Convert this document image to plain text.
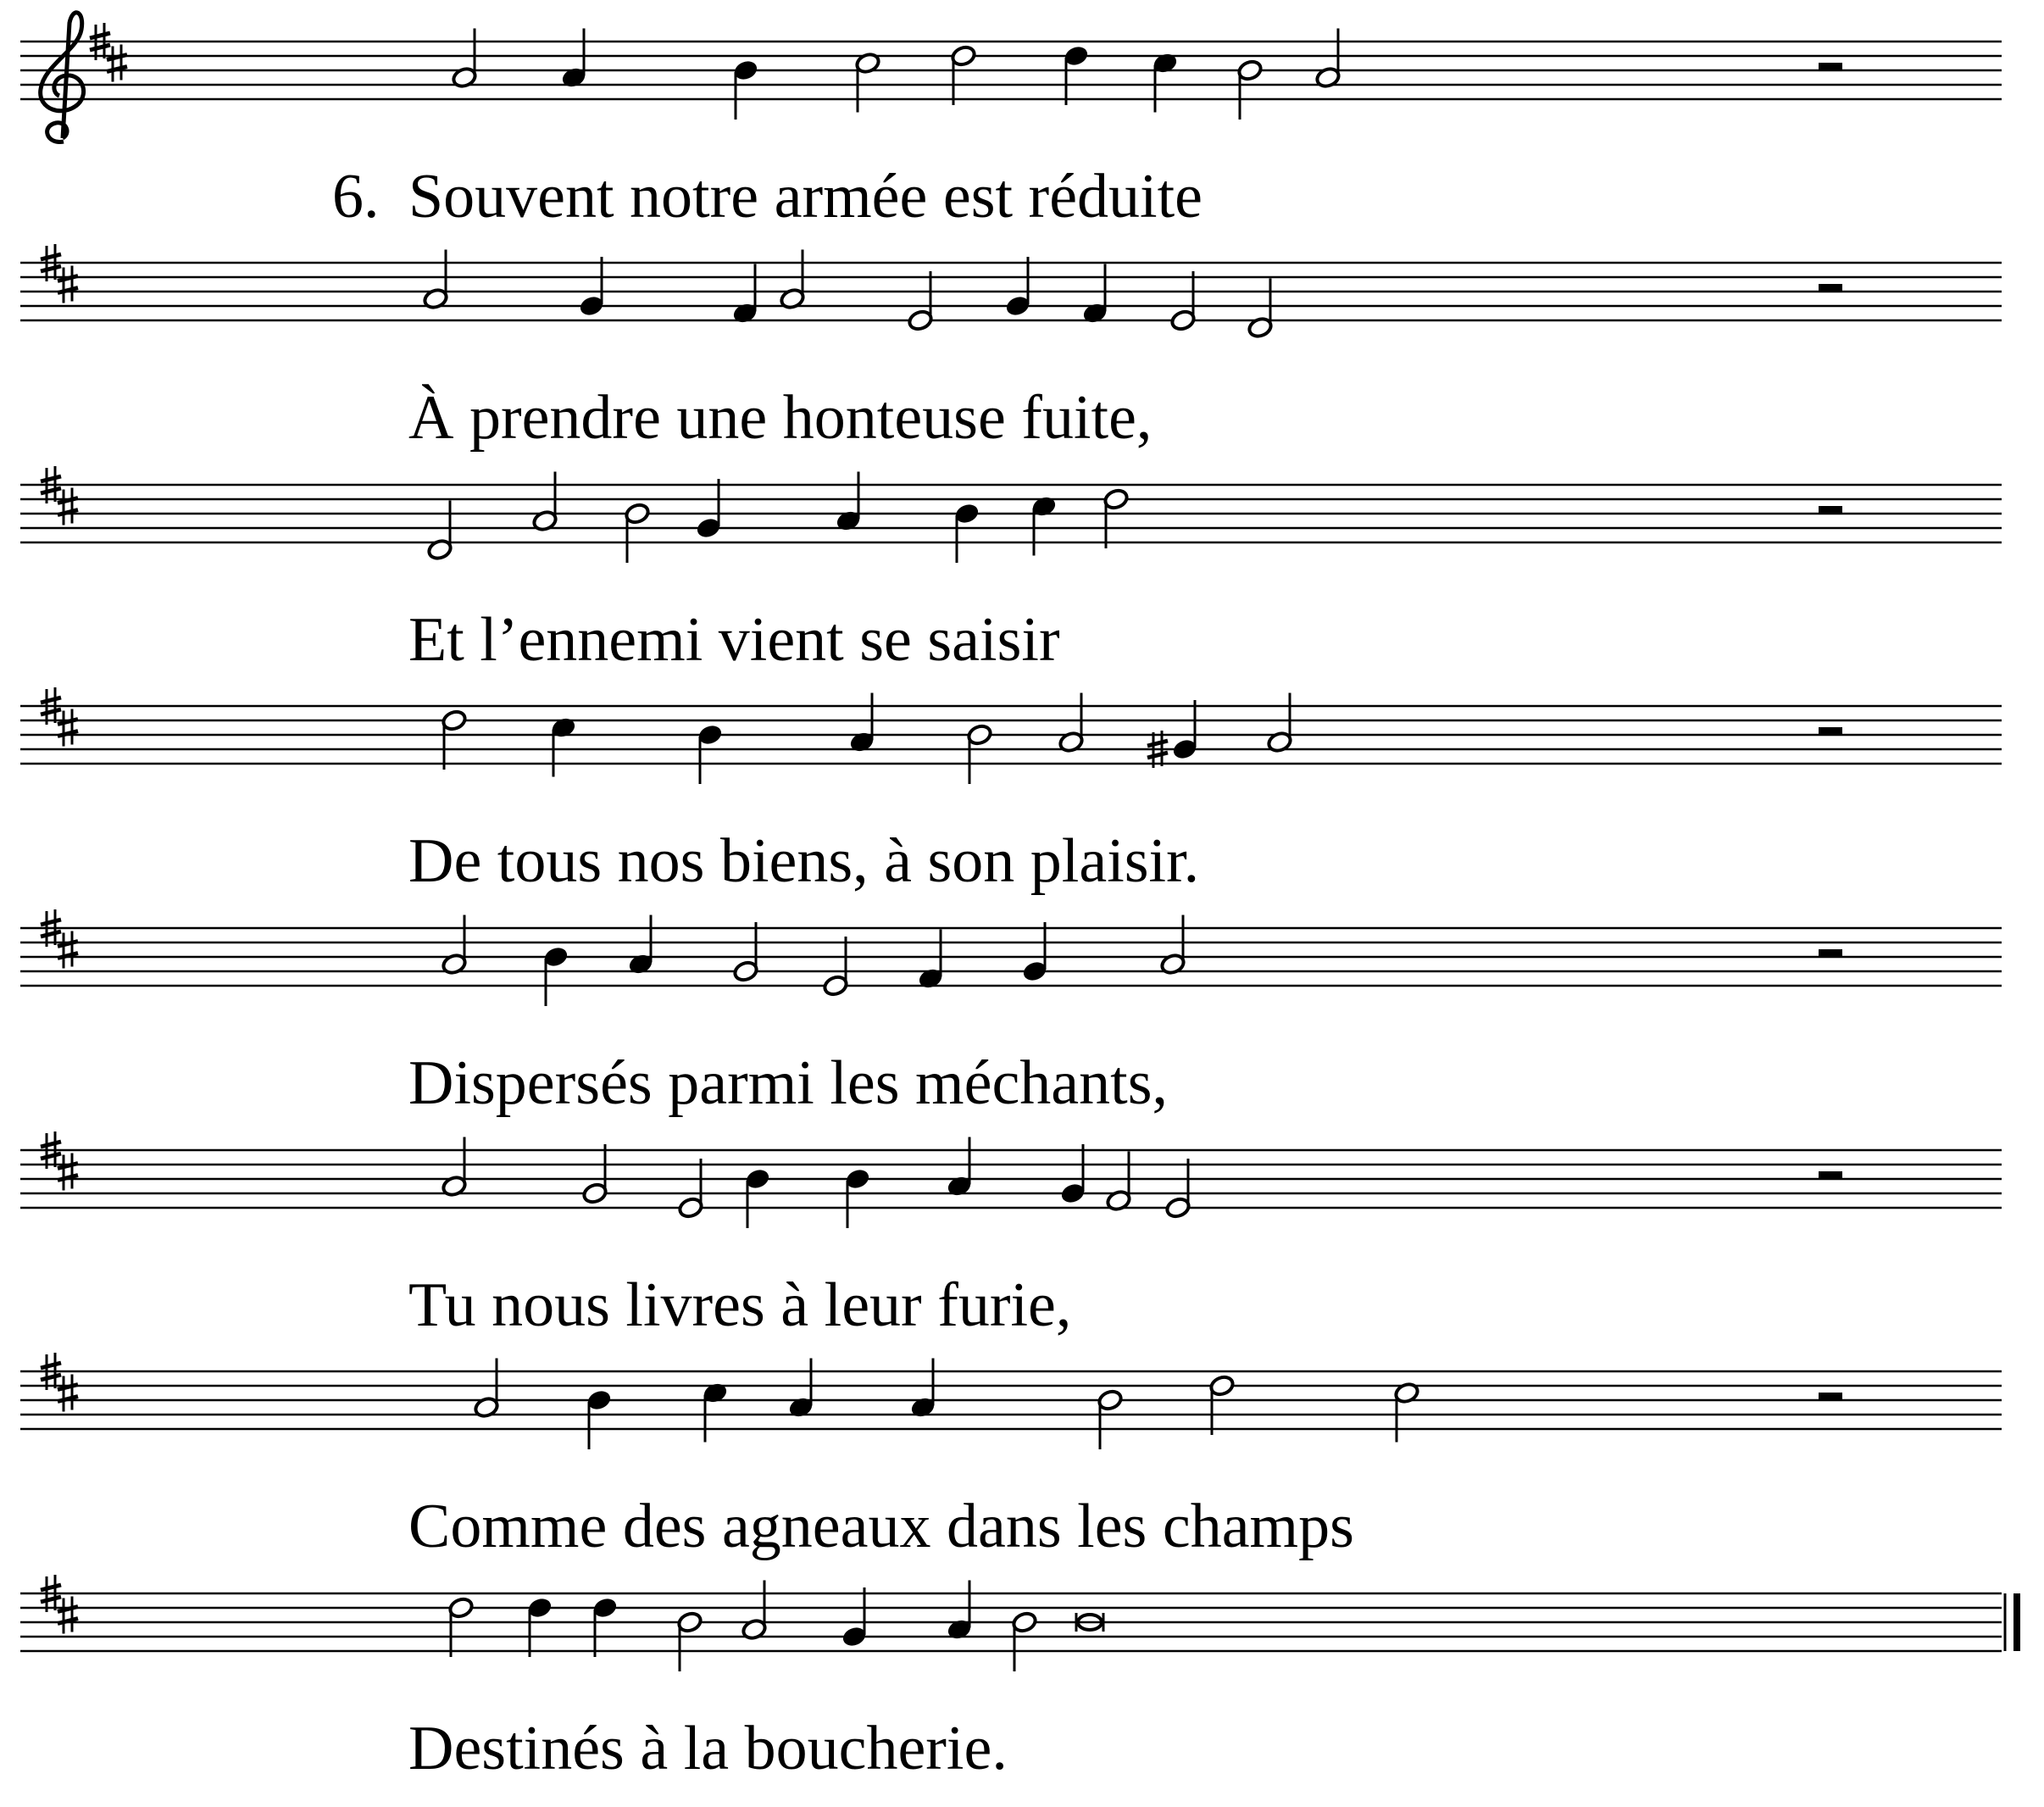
6. Souvent notre armée est réduite
À prendre une honteuse fuite,
Et l’ennemi vient se saisir
De tous nos biens, à son plaisir.
Dispersés parmi les méchants,
Tu nous livres à leur furie,
Comme des agneaux dans les champs
Destinés à la boucherie.
